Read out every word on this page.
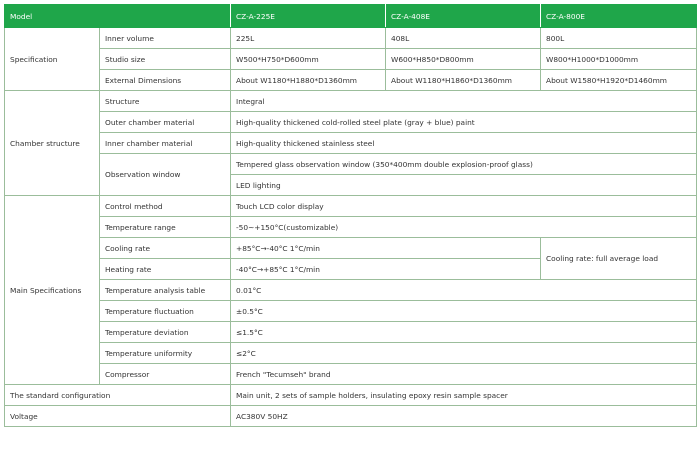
Model		CZ-A-225E	CZ-A-408E	CZ-A-800E
Specification	Inner volume	225L	408L	800L
	Studio size	W500*H750*D600mm	W600*H850*D800mm	W800*H1000*D1000mm
	External Dimensions	About W1180*H1880*D1360mm	About W1180*H1860*D1360mm	About W1580*H1920*D1460mm
Chamber structure	Structure	Integral		
	Outer chamber material	High-quality thickened cold-rolled steel plate (gray + blue) paint		
	Inner chamber material	High-quality thickened stainless steel		
	Observation window	Tempered glass observation window (350*400mm double explosion-proof glass)		
		LED lighting		
Main Specifications	Control method	Touch LCD color display		
	Temperature range	-50~+150°C(customizable)		
	Cooling rate	+85°C→-40°C 1°C/min		Cooling rate: full average load
	Heating rate	-40°C→+85°C 1°C/min		
	Temperature analysis table	0.01°C		
	Temperature fluctuation	±0.5°C		
	Temperature deviation	≤1.5°C		
	Temperature uniformity	≤2°C		
	Compressor	French "Tecumseh" brand		
The standard configuration		Main unit, 2 sets of sample holders, insulating epoxy resin sample spacer		
Voltage		AC380V 50HZ		
